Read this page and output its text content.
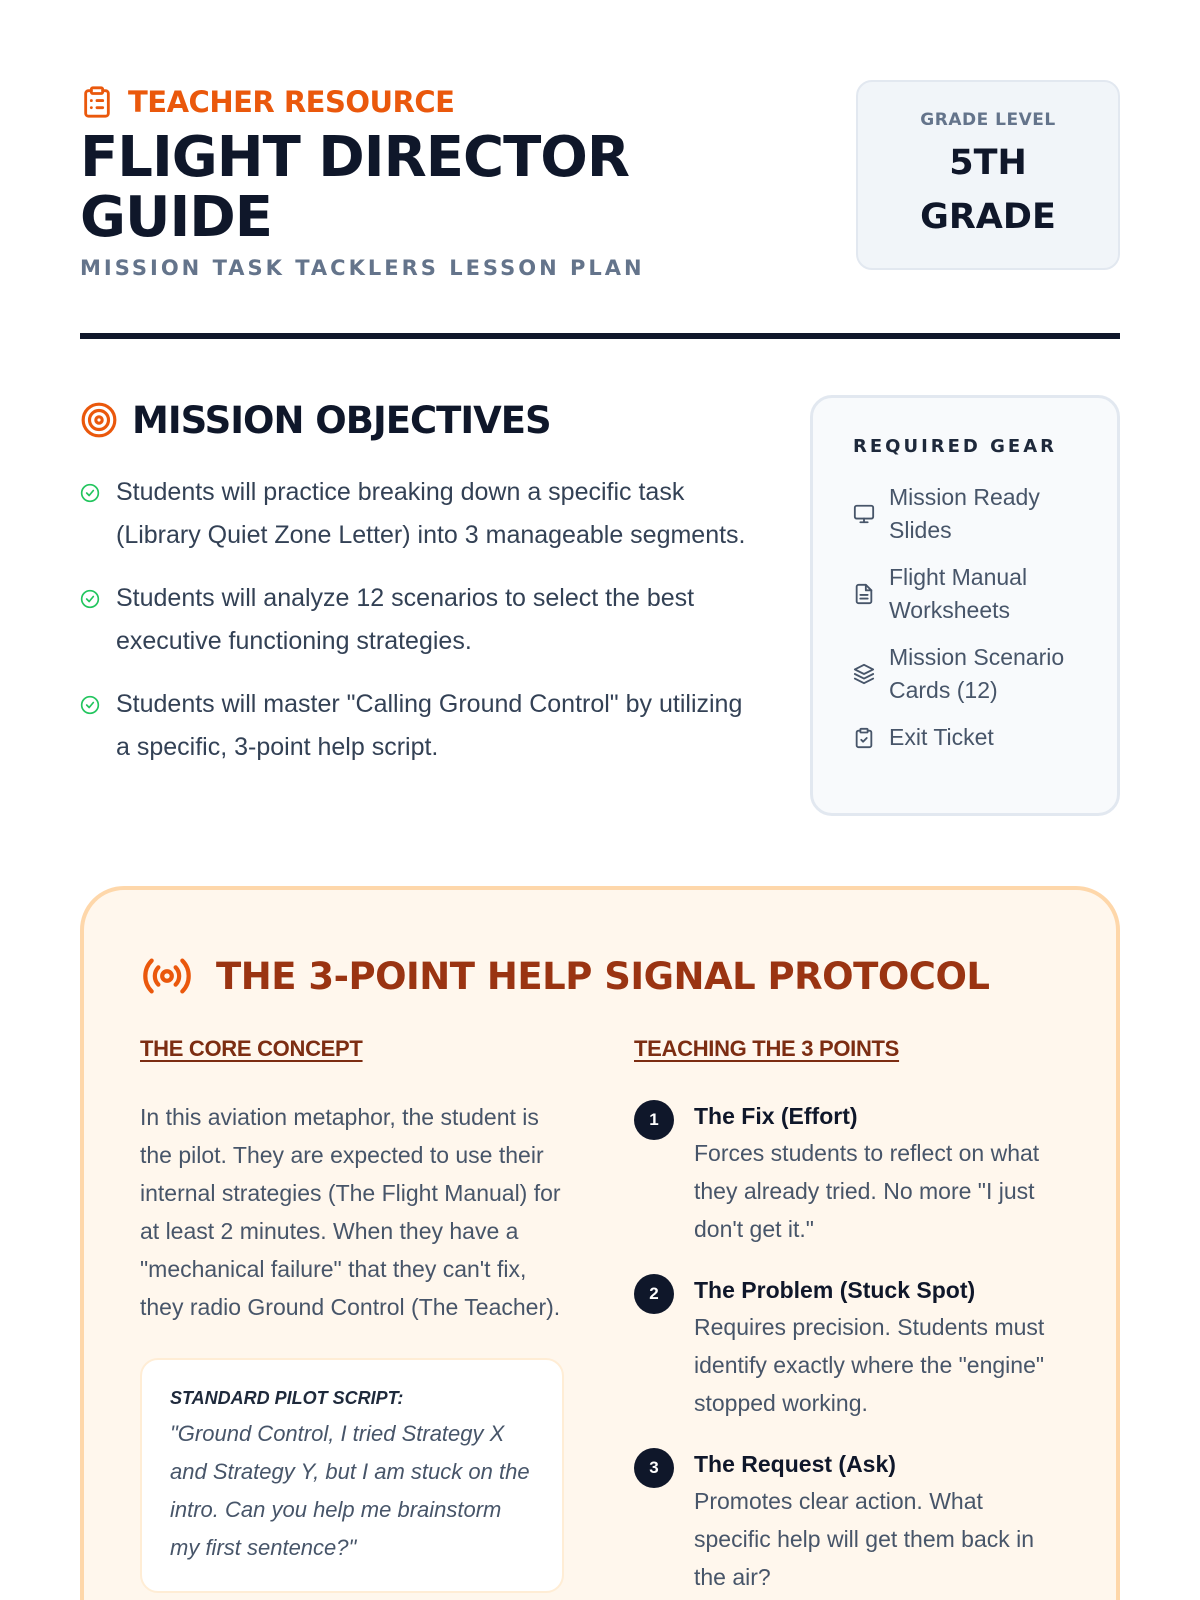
TEACHER RESOURCE
FLIGHT DIRECTOR
GUIDE
MISSION TASK TACKLERS LESSON PLAN
GRADE LEVEL
5TH
GRADE
MISSION OBJECTIVES
Students will practice breaking down a specific task (Library Quiet Zone Letter) into 3 manageable segments.
Students will analyze 12 scenarios to select the best executive functioning strategies.
Students will master "Calling Ground Control" by utilizing a specific, 3-point help script.
REQUIRED GEAR
Mission Ready Slides
Flight Manual Worksheets
Mission Scenario Cards (12)
Exit Ticket
THE 3-POINT HELP SIGNAL PROTOCOL
THE CORE CONCEPT

In this aviation metaphor, the student is the pilot. They are expected to use their internal strategies (The Flight Manual) for at least 2 minutes. When they have a "mechanical failure" that they can't fix, they radio Ground Control (The Teacher).

STANDARD PILOT SCRIPT:
"Ground Control, I tried Strategy X and Strategy Y, but I am stuck on the intro. Can you help me brainstorm my first sentence?"
TEACHING THE 3 POINTS
1	The Fix (Effort)
Forces students to reflect on what they already tried. No more "I just don't get it."
2	The Problem (Stuck Spot)
Requires precision. Students must identify exactly where the "engine" stopped working.
3	The Request (Ask)
Promotes clear action. What specific help will get them back in the air?
